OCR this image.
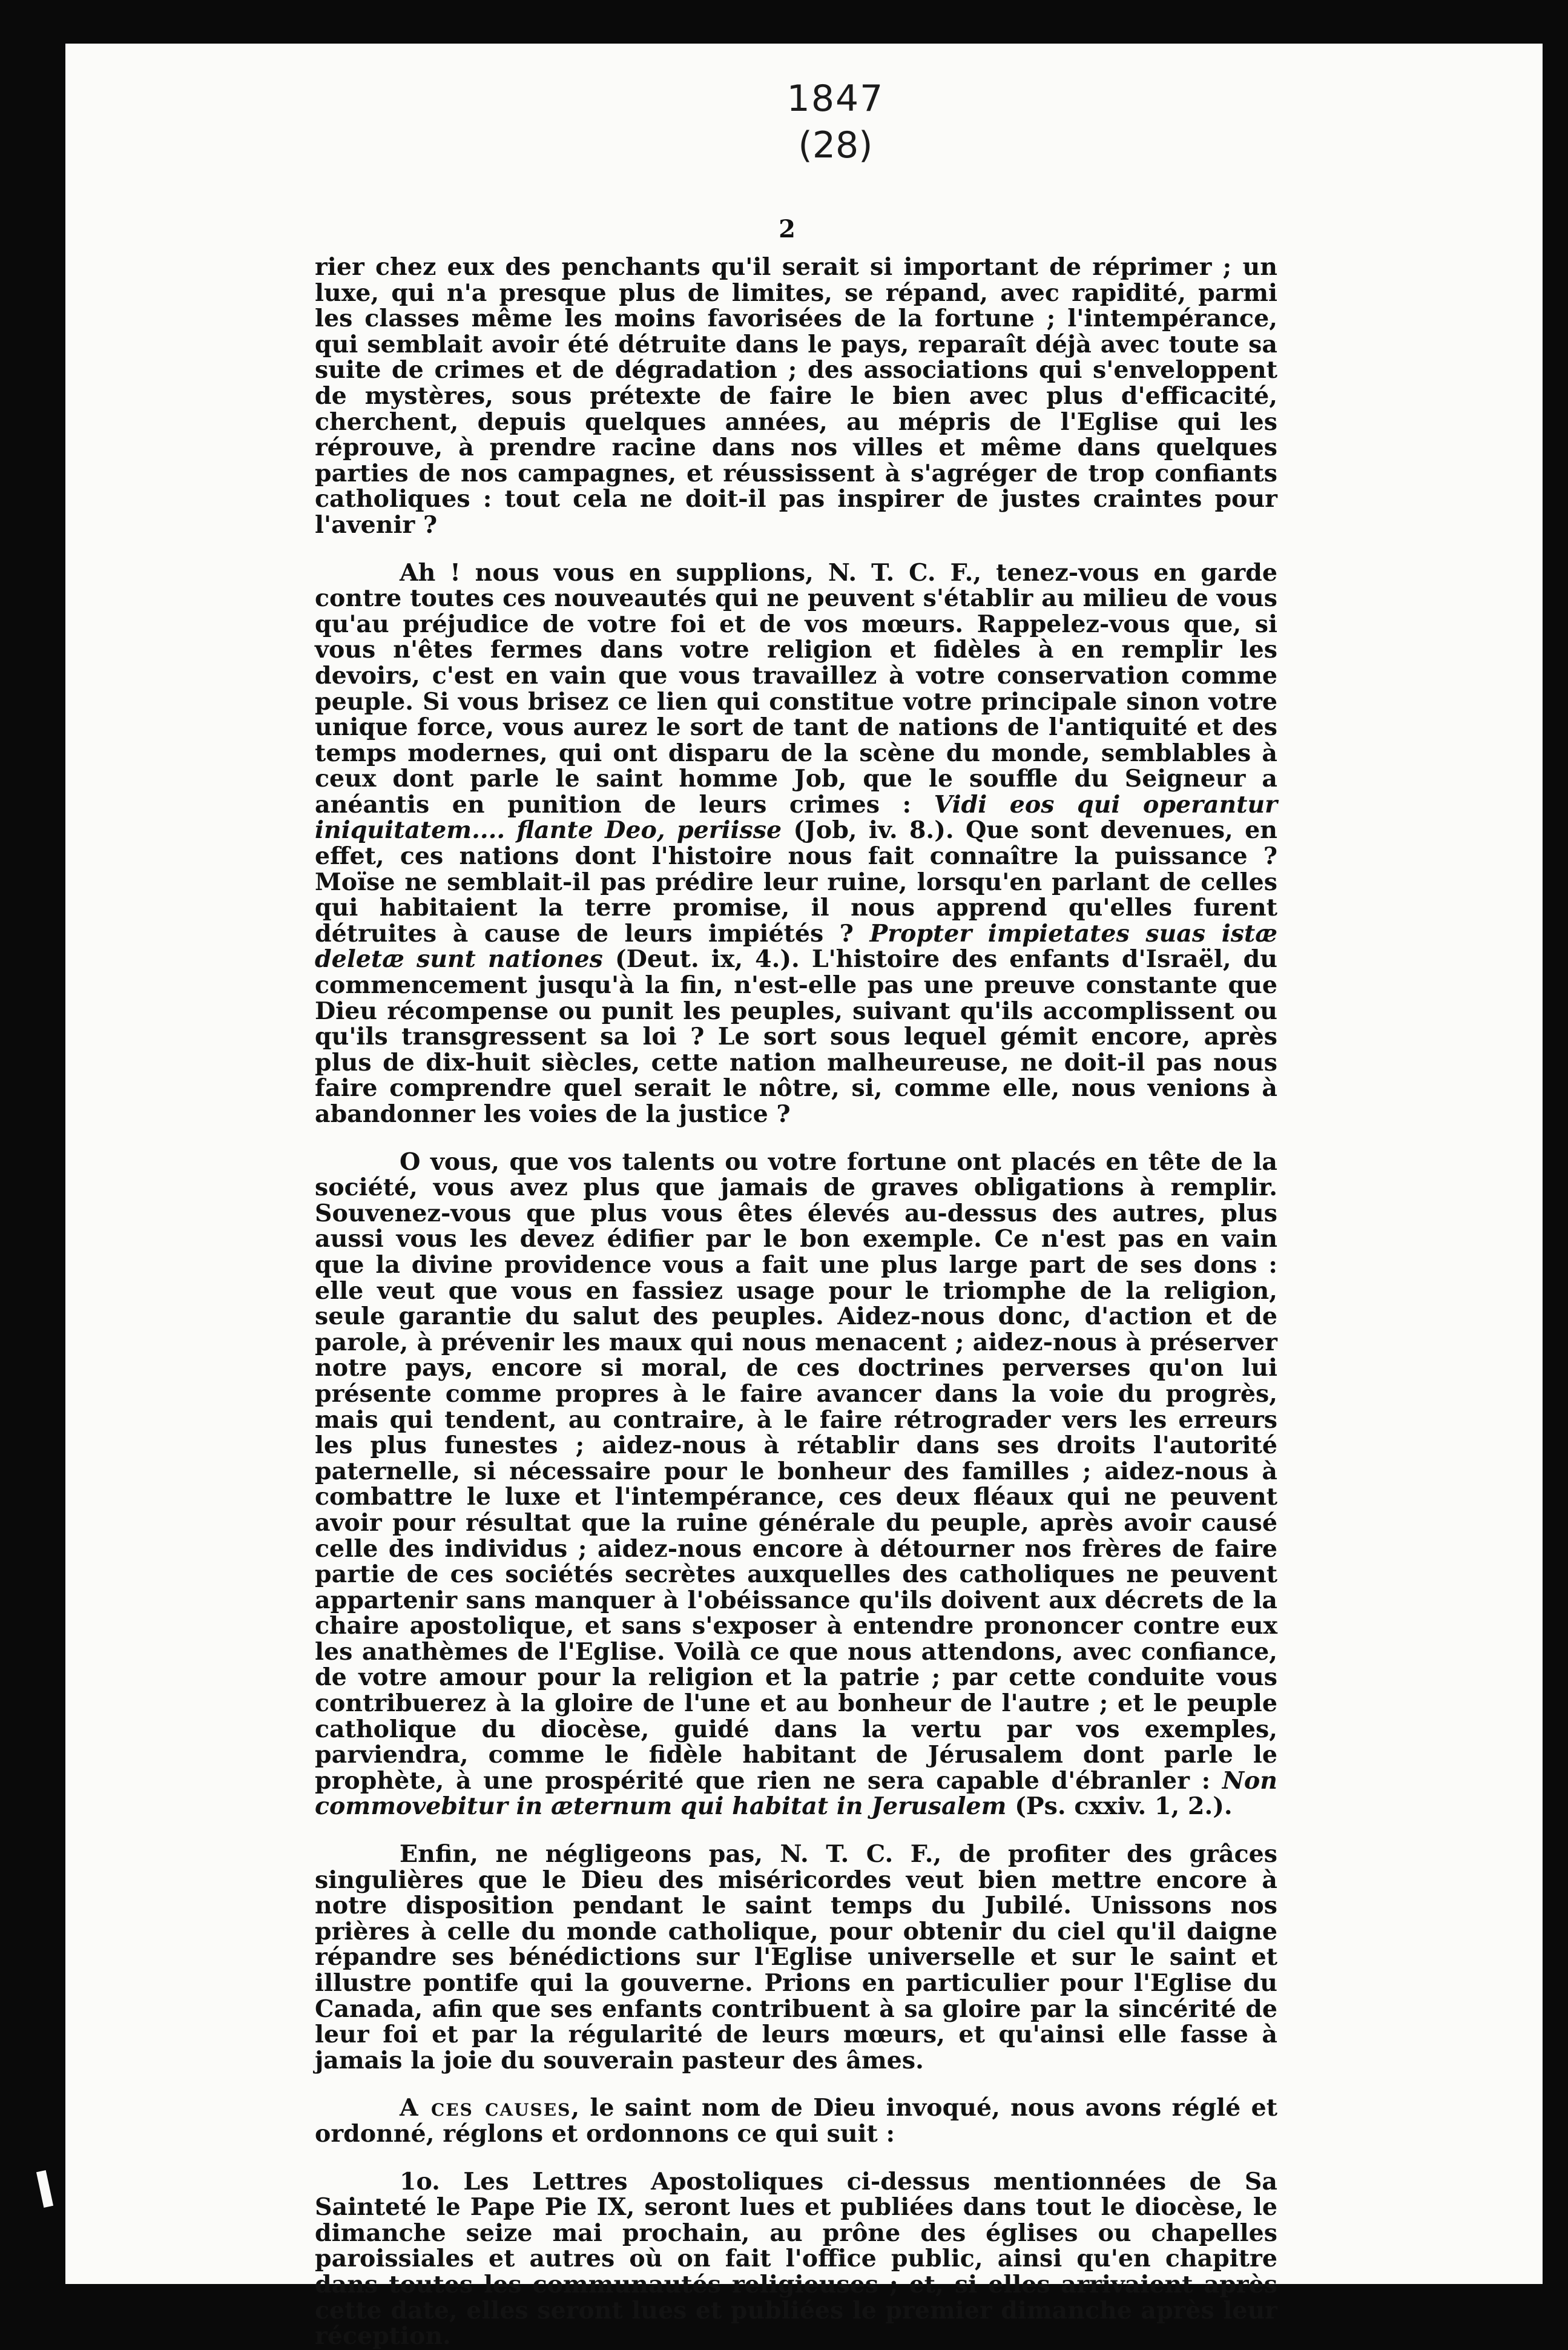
1847
(28)
2

rier chez eux des penchants qu'il serait si important de réprimer ; un luxe, qui n'a presque plus de limites, se répand, avec rapidité, parmi les classes même les moins favorisées de la fortune ; l'intempérance, qui semblait avoir été détruite dans le pays, reparaît déjà avec toute sa suite de crimes et de dégradation ; des associations qui s'enveloppent de mystères, sous prétexte de faire le bien avec plus d'efficacité, cherchent, depuis quelques années, au mépris de l'Eglise qui les réprouve, à prendre racine dans nos villes et même dans quelques parties de nos campagnes, et réussissent à s'agréger de trop confiants catholiques : tout cela ne doit-il pas inspirer de justes craintes pour l'avenir ?

Ah ! nous vous en supplions, N. T. C. F., tenez-vous en garde contre toutes ces nouveautés qui ne peuvent s'établir au milieu de vous qu'au préjudice de votre foi et de vos mœurs. Rappelez-vous que, si vous n'êtes fermes dans votre religion et fidèles à en remplir les devoirs, c'est en vain que vous travaillez à votre conservation comme peuple. Si vous brisez ce lien qui constitue votre principale sinon votre unique force, vous aurez le sort de tant de nations de l'antiquité et des temps modernes, qui ont disparu de la scène du monde, semblables à ceux dont parle le saint homme Job, que le souffle du Seigneur a anéantis en punition de leurs crimes : Vidi eos qui operantur iniquitatem.... flante Deo, periisse (Job, iv. 8.). Que sont devenues, en effet, ces nations dont l'histoire nous fait connaître la puissance ? Moïse ne semblait-il pas prédire leur ruine, lorsqu'en parlant de celles qui habitaient la terre promise, il nous apprend qu'elles furent détruites à cause de leurs impiétés ? Propter impietates suas istæ deletæ sunt nationes (Deut. ix, 4.). L'histoire des enfants d'Israël, du commencement jusqu'à la fin, n'est-elle pas une preuve constante que Dieu récompense ou punit les peuples, suivant qu'ils accomplissent ou qu'ils transgressent sa loi ? Le sort sous lequel gémit encore, après plus de dix-huit siècles, cette nation malheureuse, ne doit-il pas nous faire comprendre quel serait le nôtre, si, comme elle, nous venions à abandonner les voies de la justice ?

O vous, que vos talents ou votre fortune ont placés en tête de la société, vous avez plus que jamais de graves obligations à remplir. Souvenez-vous que plus vous êtes élevés au-dessus des autres, plus aussi vous les devez édifier par le bon exemple. Ce n'est pas en vain que la divine providence vous a fait une plus large part de ses dons : elle veut que vous en fassiez usage pour le triomphe de la religion, seule garantie du salut des peuples. Aidez-nous donc, d'action et de parole, à prévenir les maux qui nous menacent ; aidez-nous à préserver notre pays, encore si moral, de ces doctrines perverses qu'on lui présente comme propres à le faire avancer dans la voie du progrès, mais qui tendent, au contraire, à le faire rétrograder vers les erreurs les plus funestes ; aidez-nous à rétablir dans ses droits l'autorité paternelle, si nécessaire pour le bonheur des familles ; aidez-nous à combattre le luxe et l'intempérance, ces deux fléaux qui ne peuvent avoir pour résultat que la ruine générale du peuple, après avoir causé celle des individus ; aidez-nous encore à détourner nos frères de faire partie de ces sociétés secrètes auxquelles des catholiques ne peuvent appartenir sans manquer à l'obéissance qu'ils doivent aux décrets de la chaire apostolique, et sans s'exposer à entendre prononcer contre eux les anathèmes de l'Eglise. Voilà ce que nous attendons, avec confiance, de votre amour pour la religion et la patrie ; par cette conduite vous contribuerez à la gloire de l'une et au bonheur de l'autre ; et le peuple catholique du diocèse, guidé dans la vertu par vos exemples, parviendra, comme le fidèle habitant de Jérusalem dont parle le prophète, à une prospérité que rien ne sera capable d'ébranler : Non commovebitur in æternum qui habitat in Jerusalem (Ps. cxxiv. 1, 2.).

Enfin, ne négligeons pas, N. T. C. F., de profiter des grâces singulières que le Dieu des miséricordes veut bien mettre encore à notre disposition pendant le saint temps du Jubilé. Unissons nos prières à celle du monde catholique, pour obtenir du ciel qu'il daigne répandre ses bénédictions sur l'Eglise universelle et sur le saint et illustre pontife qui la gouverne. Prions en particulier pour l'Eglise du Canada, afin que ses enfants contribuent à sa gloire par la sincérité de leur foi et par la régularité de leurs mœurs, et qu'ainsi elle fasse à jamais la joie du souverain pasteur des âmes.

A ces causes, le saint nom de Dieu invoqué, nous avons réglé et ordonné, réglons et ordonnons ce qui suit :

1o. Les Lettres Apostoliques ci-dessus mentionnées de Sa Sainteté le Pape Pie IX, seront lues et publiées dans tout le diocèse, le dimanche seize mai prochain, au prône des églises ou chapelles paroissiales et autres où on fait l'office public, ainsi qu'en chapitre dans toutes les communautés religieuses ; et, si elles arrivaient après cette date, elles seront lues et publiées le premier dimanche après leur réception.
